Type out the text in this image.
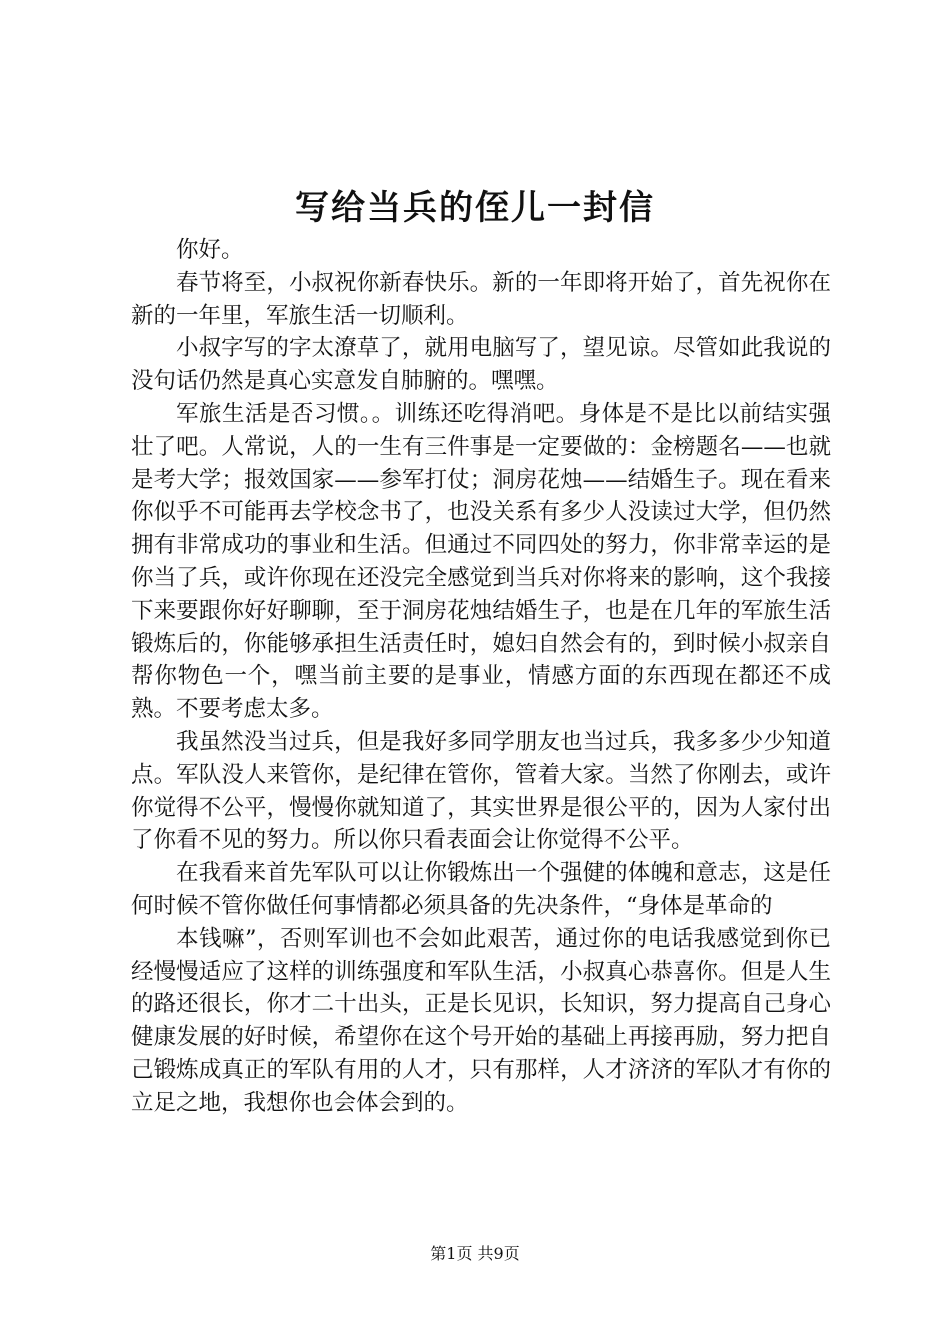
写给当兵的侄儿一封信

你好。

春节将至，小叔祝你新春快乐。新的一年即将开始了，首先祝你在新的一年里，军旅生活一切顺利。

小叔字写的字太潦草了，就用电脑写了，望见谅。尽管如此我说的没句话仍然是真心实意发自肺腑的。嘿嘿。

军旅生活是否习惯。。训练还吃得消吧。身体是不是比以前结实强壮了吧。人常说，人的一生有三件事是一定要做的：金榜题名——也就是考大学；报效国家——参军打仗；洞房花烛——结婚生子。现在看来你似乎不可能再去学校念书了，也没关系有多少人没读过大学，但仍然拥有非常成功的事业和生活。但通过不同四处的努力，你非常幸运的是你当了兵，或许你现在还没完全感觉到当兵对你将来的影响，这个我接下来要跟你好好聊聊，至于洞房花烛结婚生子，也是在几年的军旅生活锻炼后的，你能够承担生活责任时，媳妇自然会有的，到时候小叔亲自帮你物色一个，嘿当前主要的是事业，情感方面的东西现在都还不成熟。不要考虑太多。

我虽然没当过兵，但是我好多同学朋友也当过兵，我多多少少知道点。军队没人来管你，是纪律在管你，管着大家。当然了你刚去，或许你觉得不公平，慢慢你就知道了，其实世界是很公平的，因为人家付出了你看不见的努力。所以你只看表面会让你觉得不公平。

在我看来首先军队可以让你锻炼出一个强健的体魄和意志，这是任何时候不管你做任何事情都必须具备的先决条件，“身体是革命的

本钱嘛”，否则军训也不会如此艰苦，通过你的电话我感觉到你已经慢慢适应了这样的训练强度和军队生活，小叔真心恭喜你。但是人生的路还很长，你才二十出头，正是长见识，长知识，努力提高自己身心健康发展的好时候，希望你在这个号开始的基础上再接再励，努力把自己锻炼成真正的军队有用的人才，只有那样，人才济济的军队才有你的立足之地，我想你也会体会到的。

第1页 共9页
